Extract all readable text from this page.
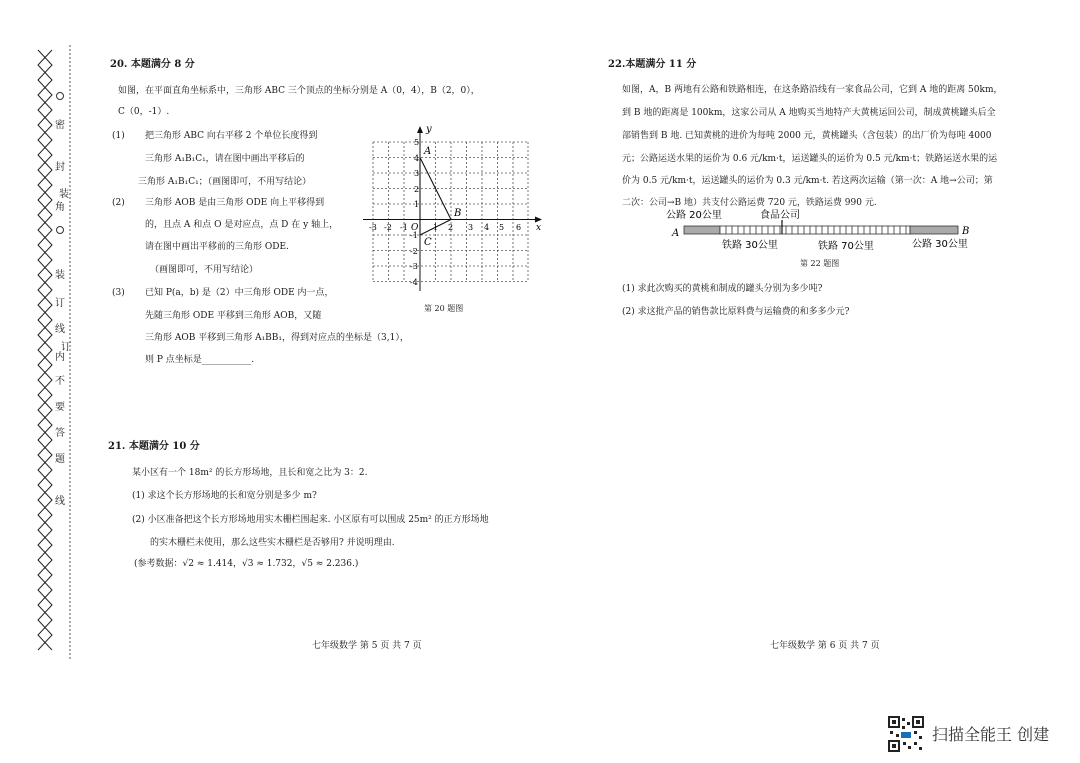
密
封
装
角
装
订
线
内
订
不
要
答
题
线
20. 本题满分 8 分
如图，在平面直角坐标系中，三角形 ABC 三个顶点的坐标分别是 A（0，4），B（2，0），
C（0，-1）.
(1) 把三角形 ABC 向右平移 2 个单位长度得到
三角形 A₁B₁C₁，请在图中画出平移后的
三角形 A₁B₁C₁；（画图即可，不用写结论）
(2) 三角形 AOB 是由三角形 ODE 向上平移得到
的，且点 A 和点 O 是对应点，点 D 在 y 轴上，
请在图中画出平移前的三角形 ODE.
（画图即可，不用写结论）
(3) 已知 P(a，b) 是（2）中三角形 ODE 内一点，
先随三角形 ODE 平移到三角形 AOB，又随
三角形 AOB 平移到三角形 A₁BB₁，得到对应点的坐标是（3,1），
则 P 点坐标是___________.
y
x
A
B
C
O
-3 -2 -1	1 2 3 4 5 6
5
4
3
2
1
-1
-2
-3
-4
第 20 题图
21. 本题满分 10 分
某小区有一个 18m² 的长方形场地，且长和宽之比为 3：2.
(1) 求这个长方形场地的长和宽分别是多少 m?
(2) 小区准备把这个长方形场地用实木栅栏围起来. 小区原有可以围成 25m² 的正方形场地
的实木栅栏未使用，那么这些实木栅栏是否够用? 并说明理由.
(参考数据：√2 ≈ 1.414，√3 ≈ 1.732，√5 ≈ 2.236.)
七年级数学 第 5 页 共 7 页
22.本题满分 11 分
如图，A，B 两地有公路和铁路相连，在这条路沿线有一家食品公司，它到 A 地的距离 50km，
到 B 地的距离是 100km，这家公司从 A 地购买当地特产大黄桃运回公司，制成黄桃罐头后全
部销售到 B 地. 已知黄桃的进价为每吨 2000 元，黄桃罐头（含包装）的出厂价为每吨 4000
元；公路运送水果的运价为 0.6 元/km·t，运送罐头的运价为 0.5 元/km·t；铁路运送水果的运
价为 0.5 元/km·t，运送罐头的运价为 0.3 元/km·t. 若这两次运输（第一次：A 地→公司；第
二次：公司→B 地）共支付公路运费 720 元，铁路运费 990 元.
公路 20公里	食品公司
A	B
铁路 30公里	铁路 70公里	公路 30公里
第 22 题图
(1) 求此次购买的黄桃和制成的罐头分别为多少吨?
(2) 求这批产品的销售款比原料费与运输费的和多多少元?
七年级数学 第 6 页 共 7 页
扫描全能王 创建
